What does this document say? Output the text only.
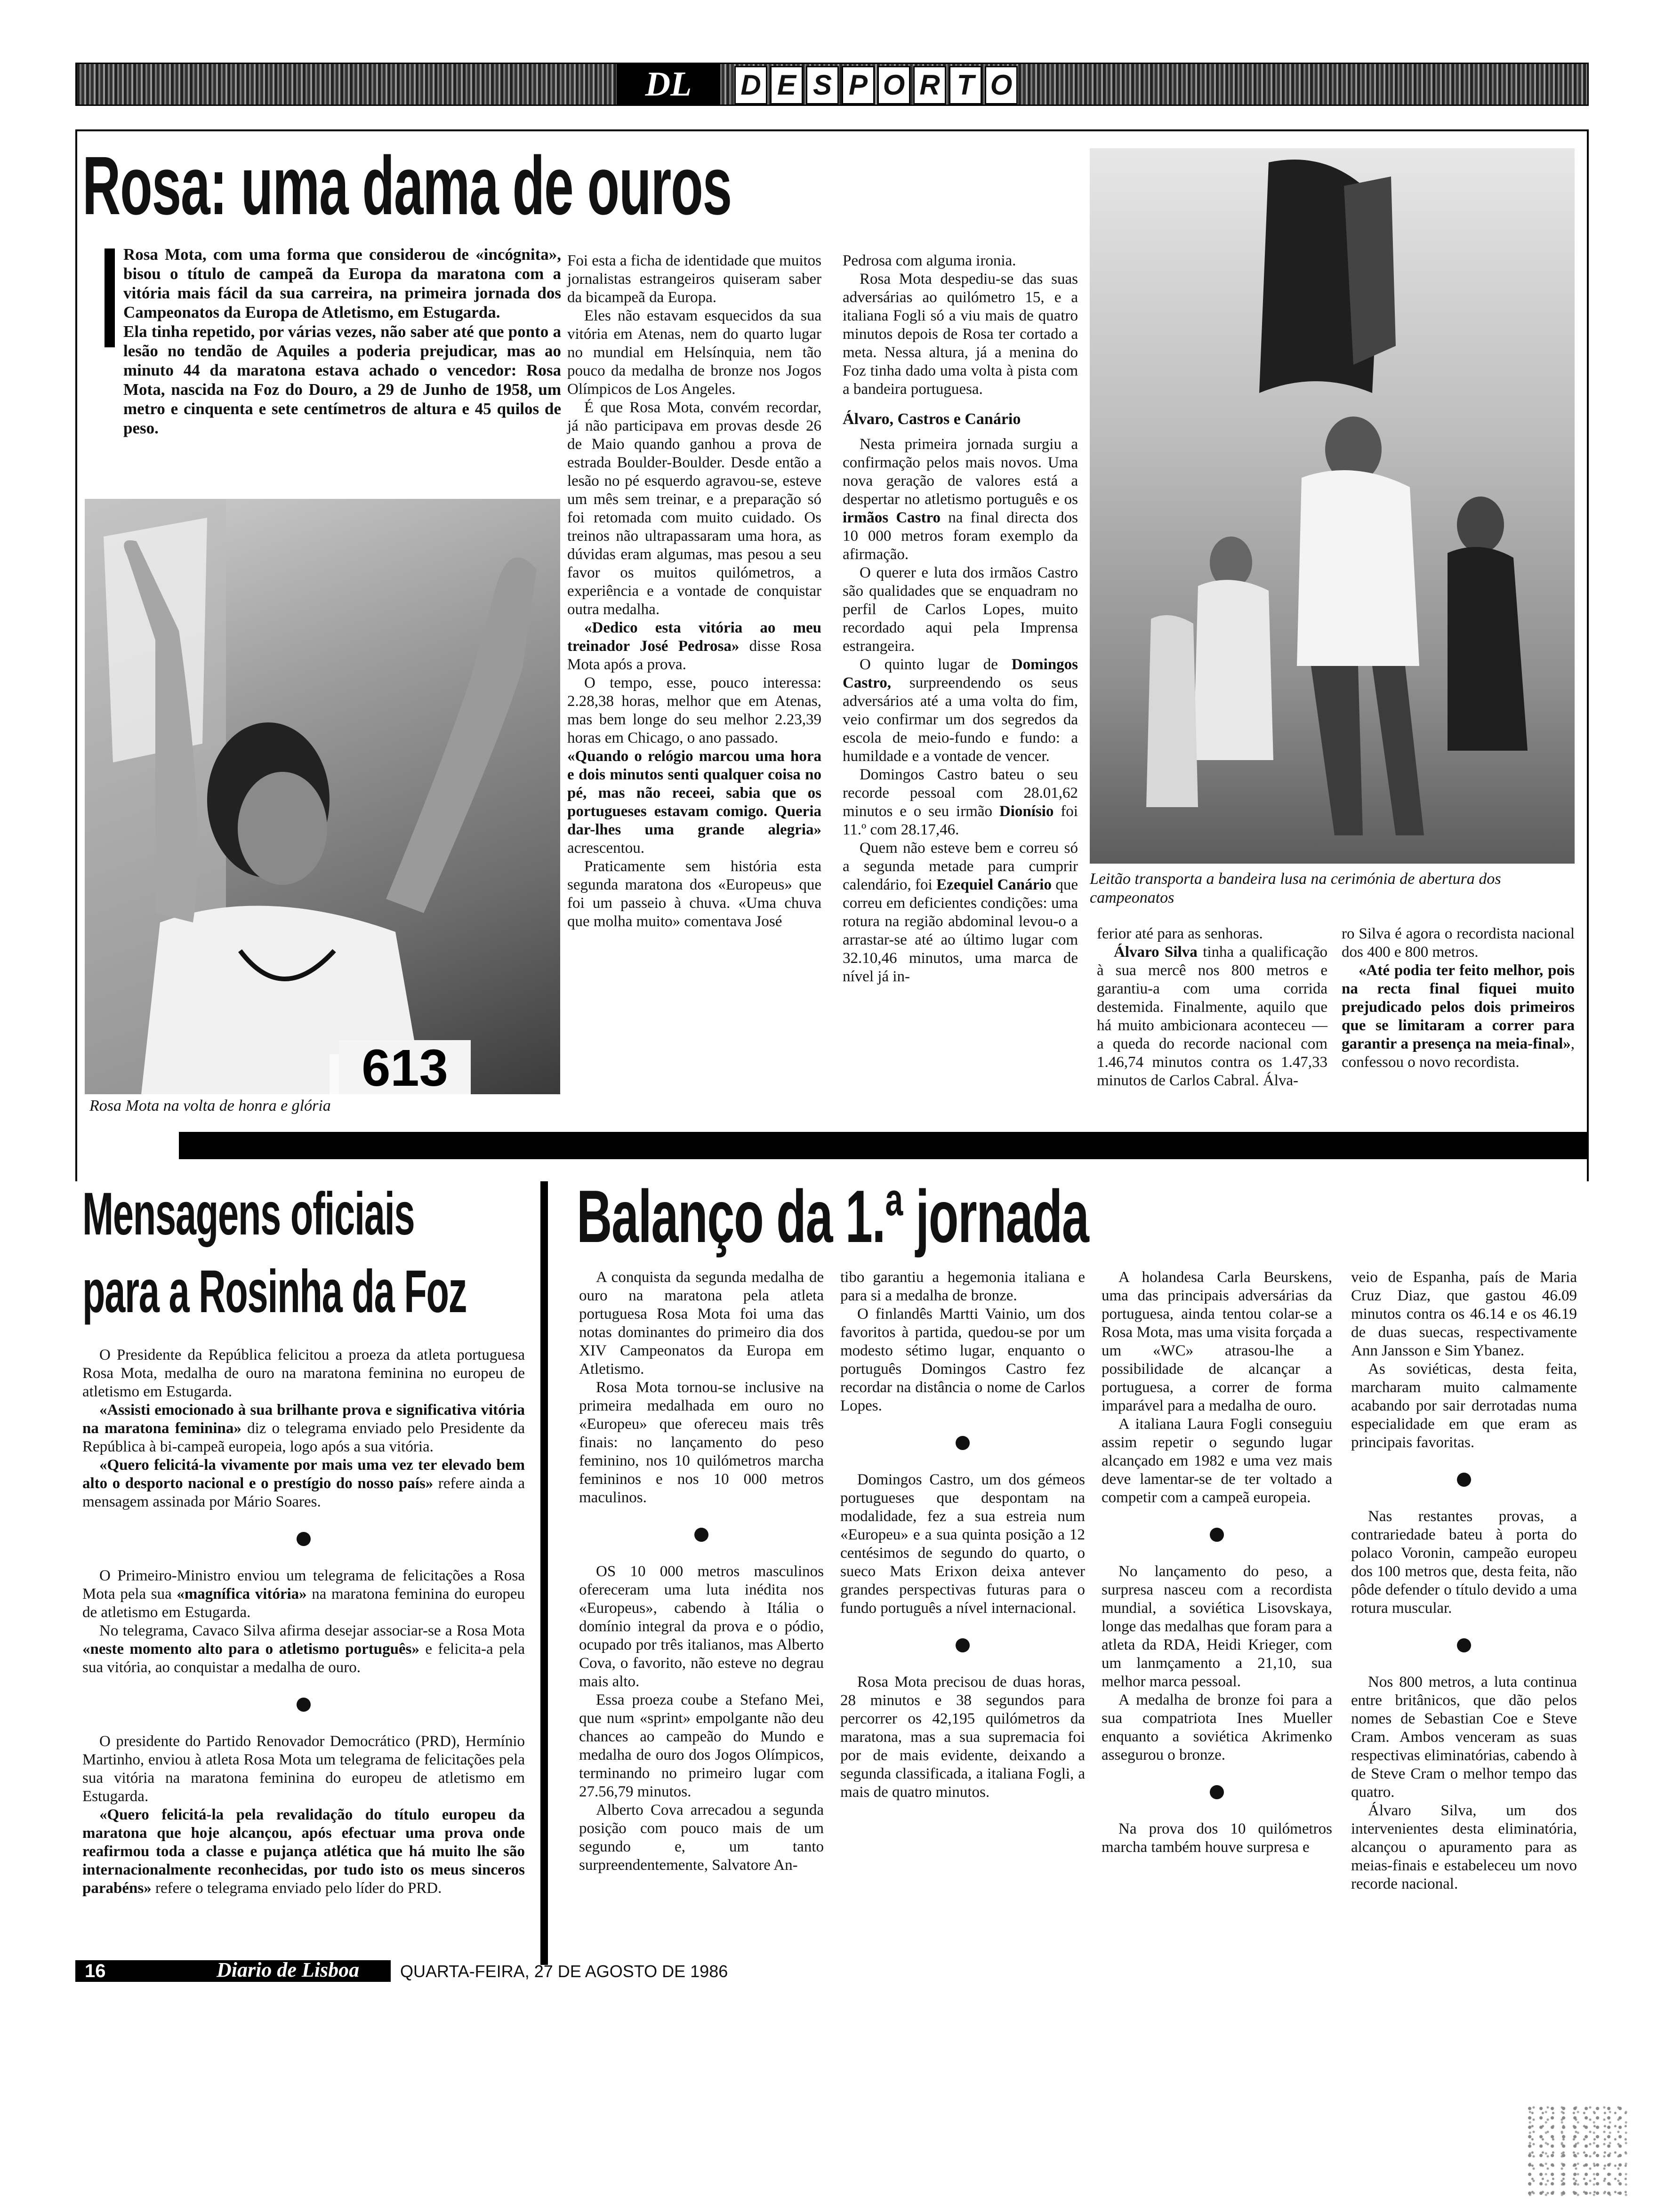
DL	D E S P O R T O
Rosa: uma dama de ouros

Rosa Mota, com uma forma que considerou de «incógnita», bisou o título de campeã da Europa da maratona com a vitória mais fácil da sua carreira, na primeira jornada dos Campeonatos da Europa de Atletismo, em Estugarda.

Ela tinha repetido, por várias vezes, não saber até que ponto a lesão no tendão de Aquiles a poderia prejudicar, mas ao minuto 44 da maratona estava achado o vencedor: Rosa Mota, nascida na Foz do Douro, a 29 de Junho de 1958, um metro e cinquenta e sete centímetros de altura e 45 quilos de peso.

613
Rosa Mota na volta de honra e glória

Foi esta a ficha de identidade que muitos jornalistas estrangeiros quiseram saber da bicampeã da Europa.

Eles não estavam esquecidos da sua vitória em Atenas, nem do quarto lugar no mundial em Helsínquia, nem tão pouco da medalha de bronze nos Jogos Olímpicos de Los Angeles.

É que Rosa Mota, convém recordar, já não participava em provas desde 26 de Maio quando ganhou a prova de estrada Boulder-Boulder. Desde então a lesão no pé esquerdo agravou-se, esteve um mês sem treinar, e a preparação só foi retomada com muito cuidado. Os treinos não ultrapassaram uma hora, as dúvidas eram algumas, mas pesou a seu favor os muitos quilómetros, a experiência e a vontade de conquistar outra medalha.

«Dedico esta vitória ao meu treinador José Pedrosa» disse Rosa Mota após a prova.

O tempo, esse, pouco interessa: 2.28,38 horas, melhor que em Atenas, mas bem longe do seu melhor 2.23,39 horas em Chicago, o ano passado.

«Quando o relógio marcou uma hora e dois minutos senti qualquer coisa no pé, mas não receei, sabia que os portugueses estavam comigo. Queria dar-lhes uma grande alegria» acrescentou.

Praticamente sem história esta segunda maratona dos «Europeus» que foi um passeio à chuva. «Uma chuva que molha muito» comentava José

Pedrosa com alguma ironia.

Rosa Mota despediu-se das suas adversárias ao quilómetro 15, e a italiana Fogli só a viu mais de quatro minutos depois de Rosa ter cortado a meta. Nessa altura, já a menina do Foz tinha dado uma volta à pista com a bandeira portuguesa.

Álvaro, Castros e Canário

Nesta primeira jornada surgiu a confirmação pelos mais novos. Uma nova geração de valores está a despertar no atletismo português e os irmãos Castro na final directa dos 10 000 metros foram exemplo da afirmação.

O querer e luta dos irmãos Castro são qualidades que se enquadram no perfil de Carlos Lopes, muito recordado aqui pela Imprensa estrangeira.

O quinto lugar de Domingos Castro, surpreendendo os seus adversários até a uma volta do fim, veio confirmar um dos segredos da escola de meio-fundo e fundo: a humildade e a vontade de vencer.

Domingos Castro bateu o seu recorde pessoal com 28.01,62 minutos e o seu irmão Dionísio foi 11.º com 28.17,46.

Quem não esteve bem e correu só a segunda metade para cumprir calendário, foi Ezequiel Canário que correu em deficientes condições: uma rotura na região abdominal levou-o a arrastar-se até ao último lugar com 32.10,46 minutos, uma marca de nível já in-

Leitão transporta a bandeira lusa na cerimónia de abertura dos campeonatos

ferior até para as senhoras.

Álvaro Silva tinha a qualificação à sua mercê nos 800 metros e garantiu-a com uma corrida destemida. Finalmente, aquilo que há muito ambicionara aconteceu — a queda do recorde nacional com 1.46,74 minutos contra os 1.47,33 minutos de Carlos Cabral. Álva-

ro Silva é agora o recordista nacional dos 400 e 800 metros.

«Até podia ter feito melhor, pois na recta final fiquei muito prejudicado pelos dois primeiros que se limitaram a correr para garantir a presença na meia-final», confessou o novo recordista.

Mensagens oficiais
para a Rosinha da Foz

O Presidente da República felicitou a proeza da atleta portuguesa Rosa Mota, medalha de ouro na maratona feminina no europeu de atletismo em Estugarda.

«Assisti emocionado à sua brilhante prova e significativa vitória na maratona feminina» diz o telegrama enviado pelo Presidente da República à bi-campeã europeia, logo após a sua vitória.

«Quero felicitá-la vivamente por mais uma vez ter elevado bem alto o desporto nacional e o prestígio do nosso país» refere ainda a mensagem assinada por Mário Soares.

O Primeiro-Ministro enviou um telegrama de felicitações a Rosa Mota pela sua «magnífica vitória» na maratona feminina do europeu de atletismo em Estugarda.

No telegrama, Cavaco Silva afirma desejar associar-se a Rosa Mota «neste momento alto para o atletismo português» e felicita-a pela sua vitória, ao conquistar a medalha de ouro.

O presidente do Partido Renovador Democrático (PRD), Hermínio Martinho, enviou à atleta Rosa Mota um telegrama de felicitações pela sua vitória na maratona feminina do europeu de atletismo em Estugarda.

«Quero felicitá-la pela revalidação do título europeu da maratona que hoje alcançou, após efectuar uma prova onde reafirmou toda a classe e pujança atlética que há muito lhe são internacionalmente reconhecidas, por tudo isto os meus sinceros parabéns» refere o telegrama enviado pelo líder do PRD.

Balanço da 1.ª jornada

A conquista da segunda medalha de ouro na maratona pela atleta portuguesa Rosa Mota foi uma das notas dominantes do primeiro dia dos XIV Campeonatos da Europa em Atletismo.

Rosa Mota tornou-se inclusive na primeira medalhada em ouro no «Europeu» que ofereceu mais três finais: no lançamento do peso feminino, nos 10 quilómetros marcha femininos e nos 10 000 metros maculinos.

OS 10 000 metros masculinos ofereceram uma luta inédita nos «Europeus», cabendo à Itália o domínio integral da prova e o pódio, ocupado por três italianos, mas Alberto Cova, o favorito, não esteve no degrau mais alto.

Essa proeza coube a Stefano Mei, que num «sprint» empolgante não deu chances ao campeão do Mundo e medalha de ouro dos Jogos Olímpicos, terminando no primeiro lugar com 27.56,79 minutos.

Alberto Cova arrecadou a segunda posição com pouco mais de um segundo e, um tanto surpreendentemente, Salvatore An-

tibo garantiu a hegemonia italiana e para si a medalha de bronze.

O finlandês Martti Vainio, um dos favoritos à partida, quedou-se por um modesto sétimo lugar, enquanto o português Domingos Castro fez recordar na distância o nome de Carlos Lopes.

Domingos Castro, um dos gémeos portugueses que despontam na modalidade, fez a sua estreia num «Europeu» e a sua quinta posição a 12 centésimos de segundo do quarto, o sueco Mats Erixon deixa antever grandes perspectivas futuras para o fundo português a nível internacional.

Rosa Mota precisou de duas horas, 28 minutos e 38 segundos para percorrer os 42,195 quilómetros da maratona, mas a sua supremacia foi por de mais evidente, deixando a segunda classificada, a italiana Fogli, a mais de quatro minutos.

A holandesa Carla Beurskens, uma das principais adversárias da portuguesa, ainda tentou colar-se a Rosa Mota, mas uma visita forçada a um «WC» atrasou-lhe a possibilidade de alcançar a portuguesa, a correr de forma imparável para a medalha de ouro.

A italiana Laura Fogli conseguiu assim repetir o segundo lugar alcançado em 1982 e uma vez mais deve lamentar-se de ter voltado a competir com a campeã europeia.

No lançamento do peso, a surpresa nasceu com a recordista mundial, a soviética Lisovskaya, longe das medalhas que foram para a atleta da RDA, Heidi Krieger, com um lanmçamento a 21,10, sua melhor marca pessoal.

A medalha de bronze foi para a sua compatriota Ines Mueller enquanto a soviética Akrimenko assegurou o bronze.

Na prova dos 10 quilómetros marcha também houve surpresa e

veio de Espanha, país de Maria Cruz Diaz, que gastou 46.09 minutos contra os 46.14 e os 46.19 de duas suecas, respectivamente Ann Jansson e Sim Ybanez.

As soviéticas, desta feita, marcharam muito calmamente acabando por sair derrotadas numa especialidade em que eram as principais favoritas.

Nas restantes provas, a contrariedade bateu à porta do polaco Voronin, campeão europeu dos 100 metros que, desta feita, não pôde defender o título devido a uma rotura muscular.

Nos 800 metros, a luta continua entre britânicos, que dão pelos nomes de Sebastian Coe e Steve Cram. Ambos venceram as suas respectivas eliminatórias, cabendo à de Steve Cram o melhor tempo das quatro.

Álvaro Silva, um dos intervenientes desta eliminatória, alcançou o apuramento para as meias-finais e estabeleceu um novo recorde nacional.

16	Diario de Lisboa QUARTA-FEIRA, 27 DE AGOSTO DE 1986
